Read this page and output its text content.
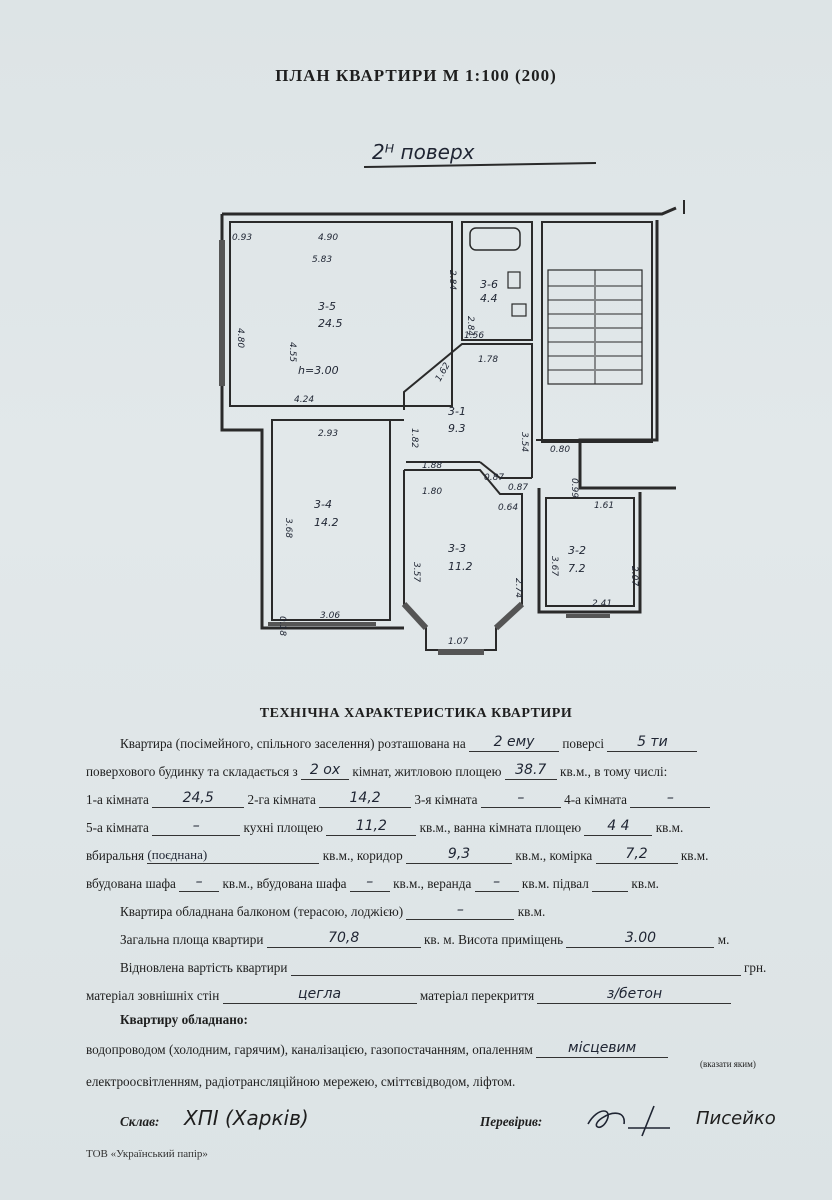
ПЛАН КВАРТИРИ М 1:100 (200)
2ᴴ поверх
3-5
24.5
h=3.00
3-6
4.4
3-1
9.3
3-4
14.2
3-3
11.2
3-2
7.2
0.93	4.90
5.83
4.80
4.55
2.84
2.84
1.56
1.78
1.62
4.24
2.93	1.82	3.54 0.80
0.99
1.88
1.80
0.87
0.87
0.64
3.68
3.57
2.74
3.67	2.07
1.61
2.41
0.18	3.06
1.07
ТЕХНІЧНА ХАРАКТЕРИСТИКА КВАРТИРИ
Квартира (посімейного, спільного заселення) розташована на 2 ему поверсі 5 ти
поверхового будинку та складається з 2 ох кімнат, житловою площею 38.7 кв.м., в тому числі:
1-а кімната 24,5	2-га кімната 14,2	3-я кімната	–	4-а кімната	–
5-а кімната	–	кухні площею 11,2 кв.м., ванна кімната площею 4 4 кв.м.
вбиральня (поєднана)	кв.м., коридор	9,3	кв.м., комірка 7,2	кв.м.
вбудована шафа – кв.м., вбудована шафа – кв.м., веранда – кв.м. підвал	кв.м.
Квартира обладнана балконом (терасою, лоджією)	–	кв.м.
Загальна площа квартири	70,8	кв. м. Висота приміщень	3.00	м.
Відновлена вартість квартири	грн.
матеріал зовнішніх стін	цегла	матеріал перекриття	з/бетон
Квартиру обладнано:
водопроводом (холодним, гарячим), каналізацією, газопостачанням, опаленням	місцевим
(вказати яким)
електроосвітленням, радіотрансляційною мережею, сміттєвідводом, ліфтом.
Склав: ХПІ (Харків)	Перевірив:	Писейко
ТОВ «Український папір»
